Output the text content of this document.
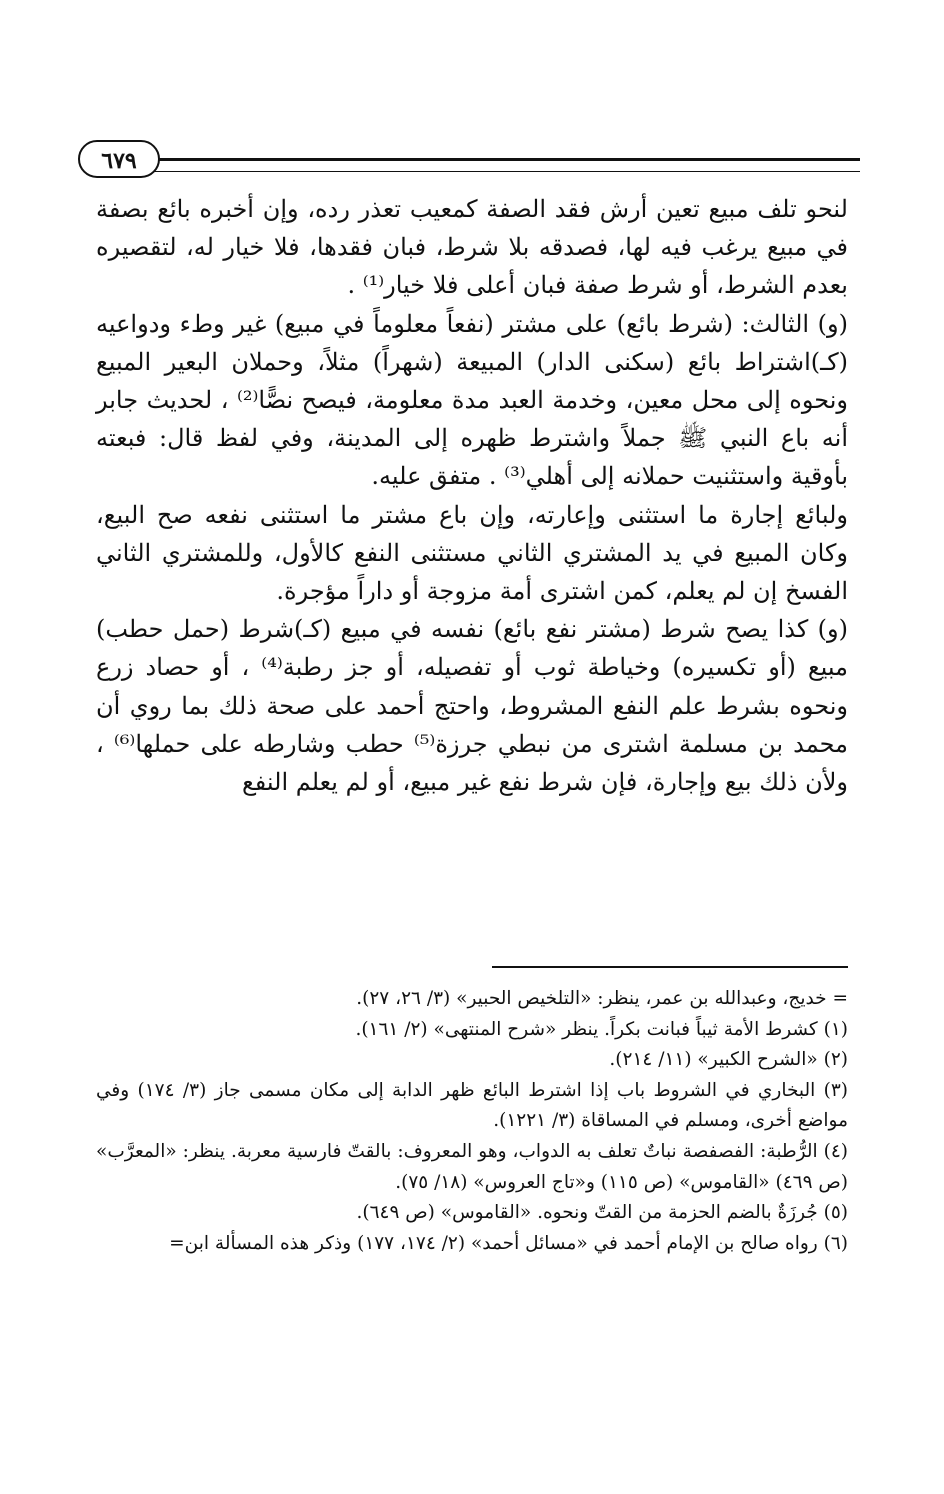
٦٧٩

لنحو تلف مبيع تعين أرش فقد الصفة كمعيب تعذر رده، وإن أخبره بائع بصفة في مبيع يرغب فيه لها، فصدقه بلا شرط، فبان فقدها، فلا خيار له، لتقصيره بعدم الشرط، أو شرط صفة فبان أعلى فلا خيار⁽¹⁾ .

(و) الثالث: (شرط بائع) على مشتر (نفعاً معلوماً في مبيع) غير وطء ودواعيه (كـ)اشتراط بائع (سكنى الدار) المبيعة (شهراً) مثلاً، وحملان البعير المبيع ونحوه إلى محل معين، وخدمة العبد مدة معلومة، فيصح نصًّا⁽²⁾ ، لحديث جابر أنه باع النبي ﷺ جملاً واشترط ظهره إلى المدينة، وفي لفظ قال: فبعته بأوقية واستثنيت حملانه إلى أهلي⁽³⁾ . متفق عليه.

ولبائع إجارة ما استثنى وإعارته، وإن باع مشتر ما استثنى نفعه صح البيع، وكان المبيع في يد المشتري الثاني مستثنى النفع كالأول، وللمشتري الثاني الفسخ إن لم يعلم، كمن اشترى أمة مزوجة أو داراً مؤجرة.

(و) كذا يصح شرط (مشتر نفع بائع) نفسه في مبيع (كـ)شرط (حمل حطب) مبيع (أو تكسيره) وخياطة ثوب أو تفصيله، أو جز رطبة⁽⁴⁾ ، أو حصاد زرع ونحوه بشرط علم النفع المشروط، واحتج أحمد على صحة ذلك بما روي أن محمد بن مسلمة اشترى من نبطي جرزة⁽⁵⁾ حطب وشارطه على حملها⁽⁶⁾ ، ولأن ذلك بيع وإجارة، فإن شرط نفع غير مبيع، أو لم يعلم النفع

= خديج، وعبدالله بن عمر، ينظر: «التلخيص الحبير» (٣/ ٢٦، ٢٧).

(١) كشرط الأمة ثيباً فبانت بكراً. ينظر «شرح المنتهى» (٢/ ١٦١).

(٢) «الشرح الكبير» (١١/ ٢١٤).

(٣) البخاري في الشروط باب إذا اشترط البائع ظهر الدابة إلى مكان مسمى جاز (٣/ ١٧٤) وفي مواضع أخرى، ومسلم في المساقاة (٣/ ١٢٢١).

(٤) الرُّطبة: الفصفصة نباتٌ تعلف به الدواب، وهو المعروف: بالقتّ فارسية معربة. ينظر: «المعرَّب» (ص ٤٦٩) «القاموس» (ص ١١٥) و«تاج العروس» (١٨/ ٧٥).

(٥) جُرزَةٌ بالضم الحزمة من القتّ ونحوه. «القاموس» (ص ٦٤٩).

(٦) رواه صالح بن الإمام أحمد في «مسائل أحمد» (٢/ ١٧٤، ١٧٧) وذكر هذه المسألة ابن=
